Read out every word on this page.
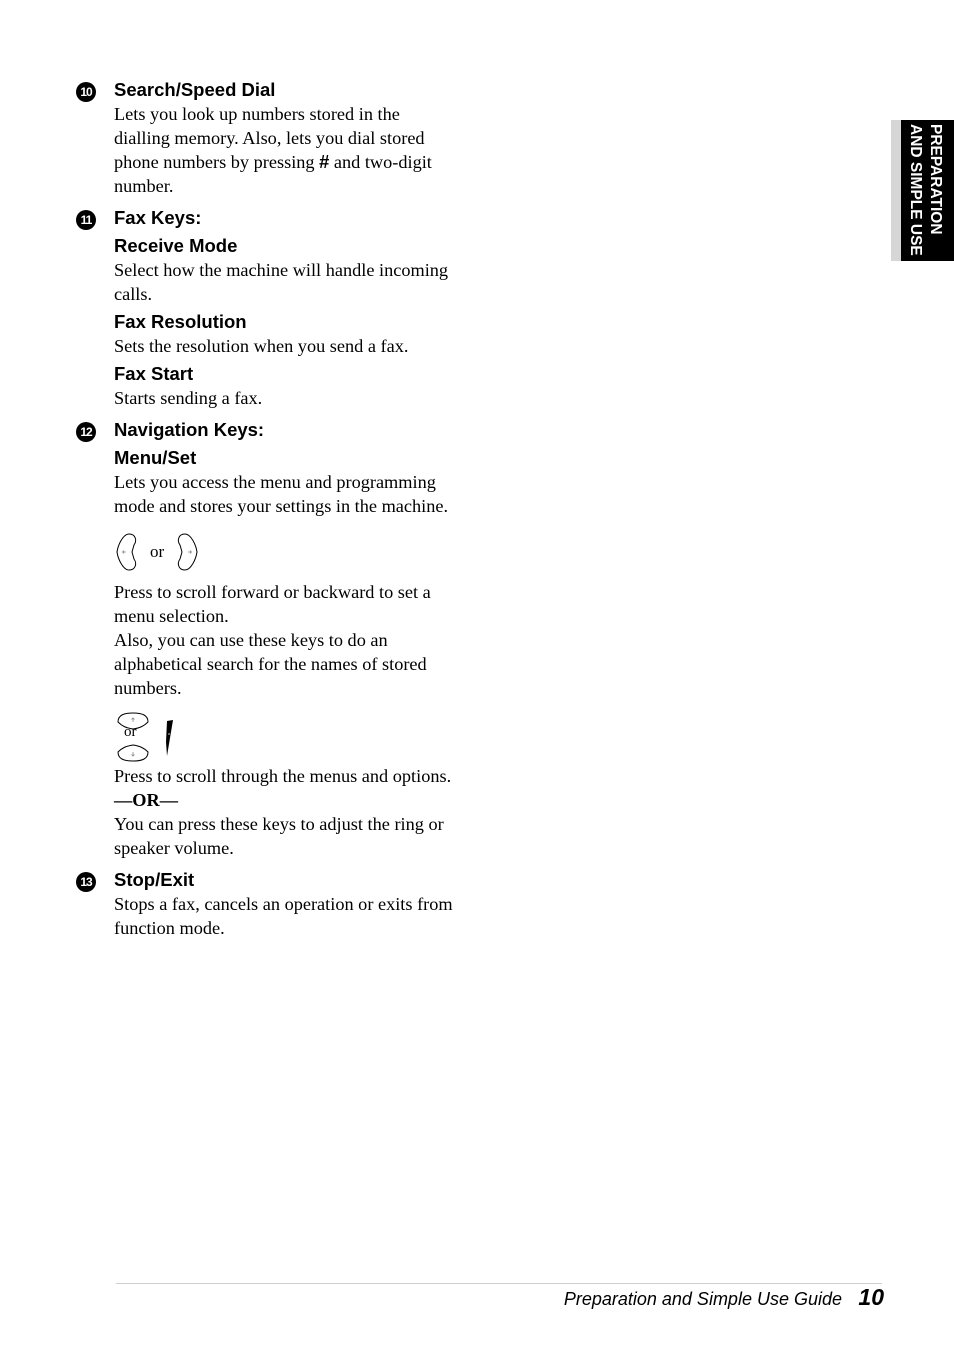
10 Search/Speed Dial

Lets you look up numbers stored in the dialling memory. Also, lets you dial stored phone numbers by pressing # and two-digit number.

11 Fax Keys:
Receive Mode

Select how the machine will handle incoming calls.

Fax Resolution

Sets the resolution when you send a fax.

Fax Start

Starts sending a fax.

12 Navigation Keys:
Menu/Set

Lets you access the menu and programming mode and stores your settings in the machine.

or

Press to scroll forward or backward to set a menu selection.

Also, you can use these keys to do an alphabetical search for the names of stored numbers.

or

Press to scroll through the menus and options.

—OR—

You can press these keys to adjust the ring or speaker volume.

13 Stop/Exit

Stops a fax, cancels an operation or exits from function mode.

PREPARATION
AND SIMPLE USE
Preparation and Simple Use Guide 10
